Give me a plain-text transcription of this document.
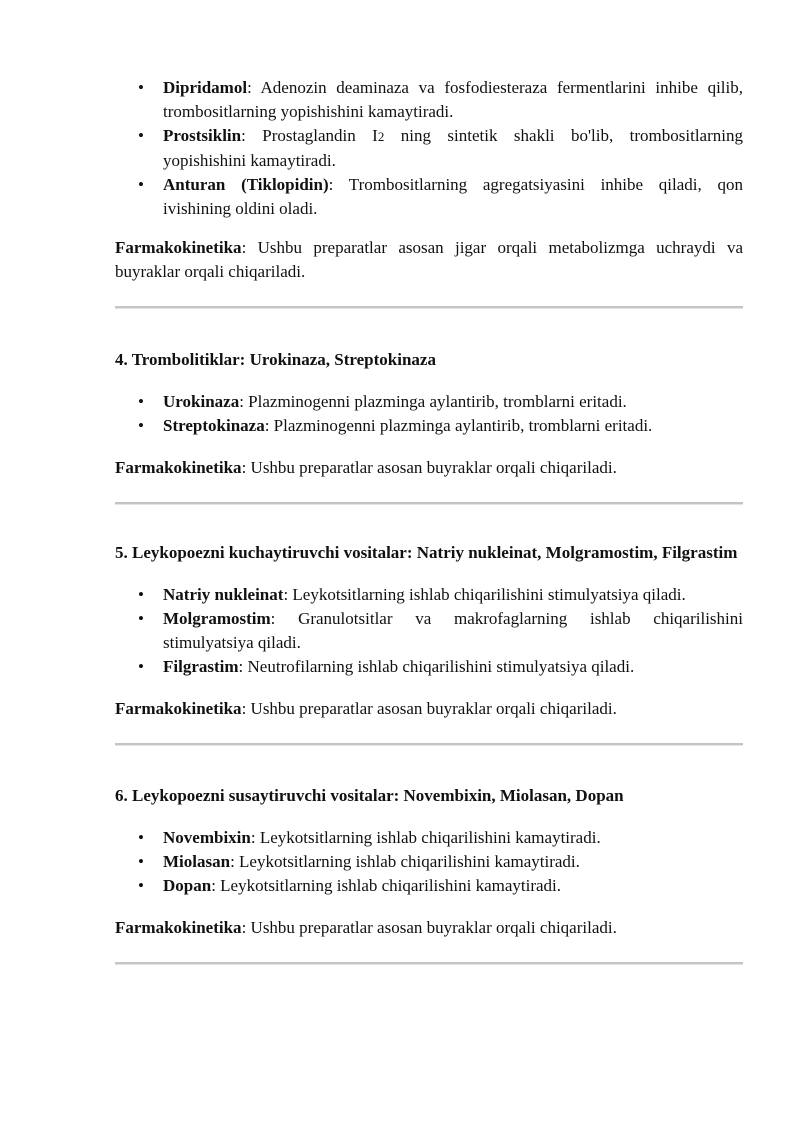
• Dipridamol: Adenozin deaminaza va fosfodiesteraza fermentlarini inhibe qilib, trombositlarning yopishishini kamaytiradi.
• Prostsiklin: Prostaglandin I2 ning sintetik shakli bo'lib, trombositlarning yopishishini kamaytiradi.
• Anturan (Tiklopidin): Trombositlarning agregatsiyasini inhibe qiladi, qon ivishining oldini oladi.

Farmakokinetika: Ushbu preparatlar asosan jigar orqali metabolizmga uchraydi va buyraklar orqali chiqariladi.

4. Trombolitiklar: Urokinaza, Streptokinaza

• Urokinaza: Plazminogenni plazminga aylantirib, tromblarni eritadi.
• Streptokinaza: Plazminogenni plazminga aylantirib, tromblarni eritadi.

Farmakokinetika: Ushbu preparatlar asosan buyraklar orqali chiqariladi.

5. Leykopoezni kuchaytiruvchi vositalar: Natriy nukleinat, Molgramostim, Filgrastim

• Natriy nukleinat: Leykotsitlarning ishlab chiqarilishini stimulyatsiya qiladi.
• Molgramostim: Granulotsitlar va makrofaglarning ishlab chiqarilishini stimulyatsiya qiladi.
• Filgrastim: Neutrofilarning ishlab chiqarilishini stimulyatsiya qiladi.

Farmakokinetika: Ushbu preparatlar asosan buyraklar orqali chiqariladi.

6. Leykopoezni susaytiruvchi vositalar: Novembixin, Miolasan, Dopan

• Novembixin: Leykotsitlarning ishlab chiqarilishini kamaytiradi.
• Miolasan: Leykotsitlarning ishlab chiqarilishini kamaytiradi.
• Dopan: Leykotsitlarning ishlab chiqarilishini kamaytiradi.

Farmakokinetika: Ushbu preparatlar asosan buyraklar orqali chiqariladi.
